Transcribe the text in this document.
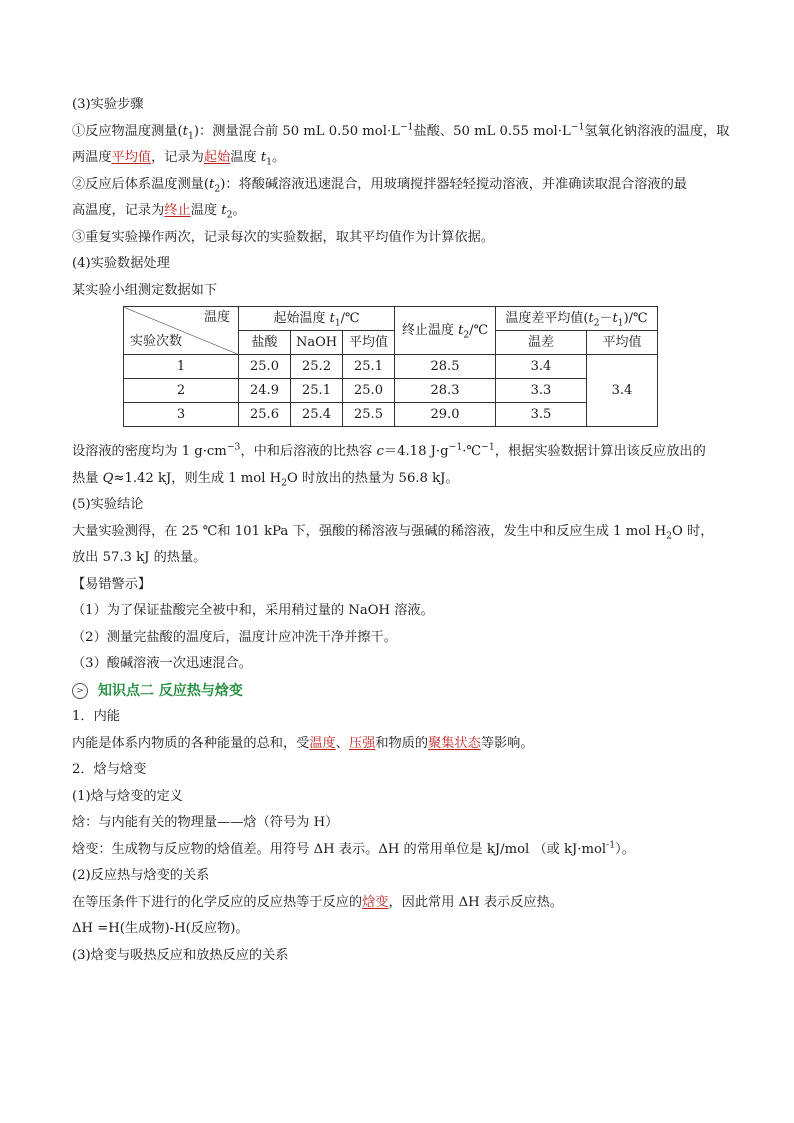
(3)实验步骤
①反应物温度测量$(t_1)$：测量混合前 50 mL 0.50 $mol\cdot L^{-1}$盐酸、50 mL 0.55 $mol\cdot L^{-1}$氢氧化钠溶液的温度，取
两温度平均值，记录为起始温度 $t_1$。
②反应后体系温度测量$(t_2)$：将酸碱溶液迅速混合，用玻璃搅拌器轻轻搅动溶液，并准确读取混合溶液的最
高温度，记录为终止温度 $t_2$。
③重复实验操作两次，记录每次的实验数据，取其平均值作为计算依据。
(4)实验数据处理
某实验小组测定数据如下
温度
实验次数	起始温度 $t_1/℃$			终止温度 $t_2/℃$	温度差平均值$(t_2-t_1)/℃$	
	盐酸	NaOH	平均值		温差	平均值
1	25.0	25.2	25.1	28.5	3.4	3.4
2	24.9	25.1	25.0	28.3	3.3	
3	25.6	25.4	25.5	29.0	3.5	
设溶液的密度均为 1 $g\cdot cm^{-3}$，中和后溶液的比热容 c＝4.18 $J\cdot g^{-1}\cdot℃^{-1}$，根据实验数据计算出该反应放出的
热量 Q≈1.42 kJ，则生成 1 mol $H_2O$ 时放出的热量为 56.8 kJ。
(5)实验结论
大量实验测得，在 25 ℃和 101 kPa 下，强酸的稀溶液与强碱的稀溶液，发生中和反应生成 1 mol $H_2O$ 时，
放出 57.3 kJ 的热量。
【易错警示】
（1）为了保证盐酸完全被中和，采用稍过量的 NaOH 溶液。
（2）测量完盐酸的温度后，温度计应冲洗干净并擦干。
（3）酸碱溶液一次迅速混合。
>	知识点二 反应热与焓变
1．内能
内能是体系内物质的各种能量的总和，受温度、压强和物质的聚集状态等影响。
2．焓与焓变
(1)焓与焓变的定义
焓：与内能有关的物理量——焓（符号为 H）
焓变：生成物与反应物的焓值差。用符号 ΔH 表示。ΔH 的常用单位是 kJ/mol （或 kJ·mol$^{-1}$）。
(2)反应热与焓变的关系
在等压条件下进行的化学反应的反应热等于反应的焓变，因此常用 ΔH 表示反应热。
ΔH =H(生成物)-H(反应物)。
(3)焓变与吸热反应和放热反应的关系
